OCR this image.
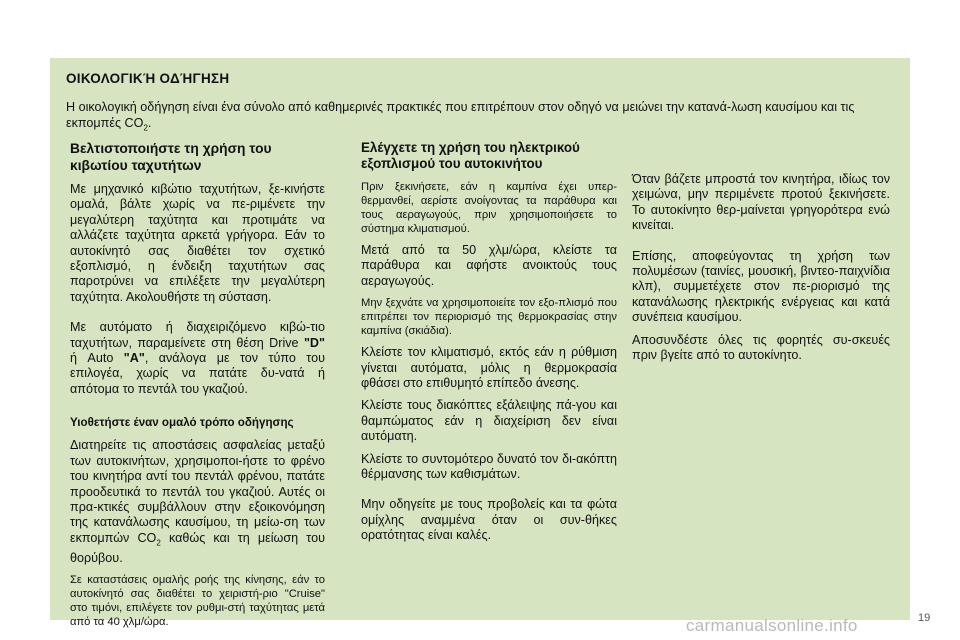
ΟΙΚΟΛΟΓΙΚΉ ΟΔΉΓΗΣΗ
Η οικολογική οδήγηση είναι ένα σύνολο από καθημερινές πρακτικές που επιτρέπουν στον οδηγό να μειώνει την κατανά-λωση καυσίμου και τις εκπομπές $CO_2$.
Βελτιστοποιήστε τη χρήση του κιβωτίου ταχυτήτων

Με μηχανικό κιβώτιο ταχυτήτων, ξε-κινήστε ομαλά, βάλτε χωρίς να πε-ριμένετε την μεγαλύτερη ταχύτητα και προτιμάτε να αλλάζετε ταχύτητα αρκετά γρήγορα. Εάν το αυτοκίνητό σας διαθέτει τον σχετικό εξοπλισμό, η ένδειξη ταχυτήτων σας παροτρύνει να επιλέξετε την μεγαλύτερη ταχύτητα. Ακολουθήστε τη σύσταση.

Με αυτόματο ή διαχειριζόμενο κιβώ-τιο ταχυτήτων, παραμείνετε στη θέση Drive "D" ή Auto "A", ανάλογα με τον τύπο του επιλογέα, χωρίς να πατάτε δυ-νατά ή απότομα το πεντάλ του γκαζιού.

Υιοθετήστε έναν ομαλό τρόπο οδήγησης

Διατηρείτε τις αποστάσεις ασφαλείας μεταξύ των αυτοκινήτων, χρησιμοποι-ήστε το φρένο του κινητήρα αντί του πεντάλ φρένου, πατάτε προοδευτικά το πεντάλ του γκαζιού. Αυτές οι πρα-κτικές συμβάλλουν στην εξοικονόμηση της κατανάλωσης καυσίμου, τη μείω-ση των εκπομπών $CO_2$ καθώς και τη μείωση του θορύβου.

Σε καταστάσεις ομαλής ροής της κίνησης, εάν το αυτοκίνητό σας διαθέτει το χειριστή-ριο "Cruise" στο τιμόνι, επιλέγετε τον ρυθμι-στή ταχύτητας μετά από τα 40 χλμ/ώρα.

Ελέγχετε τη χρήση του ηλεκτρικού εξοπλισμού του αυτοκινήτου

Πριν ξεκινήσετε, εάν η καμπίνα έχει υπερ-θερμανθεί, αερίστε ανοίγοντας τα παράθυρα και τους αεραγωγούς, πριν χρησιμοποιήσετε το σύστημα κλιματισμού.

Μετά από τα 50 χλμ/ώρα, κλείστε τα παράθυρα και αφήστε ανοικτούς τους αεραγωγούς.

Μην ξεχνάτε να χρησιμοποιείτε τον εξο-πλισμό που επιτρέπει τον περιορισμό της θερμοκρασίας στην καμπίνα (σκιάδια).

Κλείστε τον κλιματισμό, εκτός εάν η ρύθμιση γίνεται αυτόματα, μόλις η θερμοκρασία φθάσει στο επιθυμητό επίπεδο άνεσης.

Κλείστε τους διακόπτες εξάλειψης πά-γου και θαμπώματος εάν η διαχείριση δεν είναι αυτόματη.

Κλείστε το συντομότερο δυνατό τον δι-ακόπτη θέρμανσης των καθισμάτων.

Μην οδηγείτε με τους προβολείς και τα φώτα ομίχλης αναμμένα όταν οι συν-θήκες ορατότητας είναι καλές.

Όταν βάζετε μπροστά τον κινητήρα, ιδίως τον χειμώνα, μην περιμένετε προτού ξεκινήσετε. Το αυτοκίνητο θερ-μαίνεται γρηγορότερα ενώ κινείται.

Επίσης, αποφεύγοντας τη χρήση των πολυμέσων (ταινίες, μουσική, βιντεο-παιχνίδια κλπ), συμμετέχετε στον πε-ριορισμό της κατανάλωσης ηλεκτρικής ενέργειας και κατά συνέπεια καυσίμου.

Αποσυνδέστε όλες τις φορητές συ-σκευές πριν βγείτε από το αυτοκίνητο.

19
carmanualsonline.info
